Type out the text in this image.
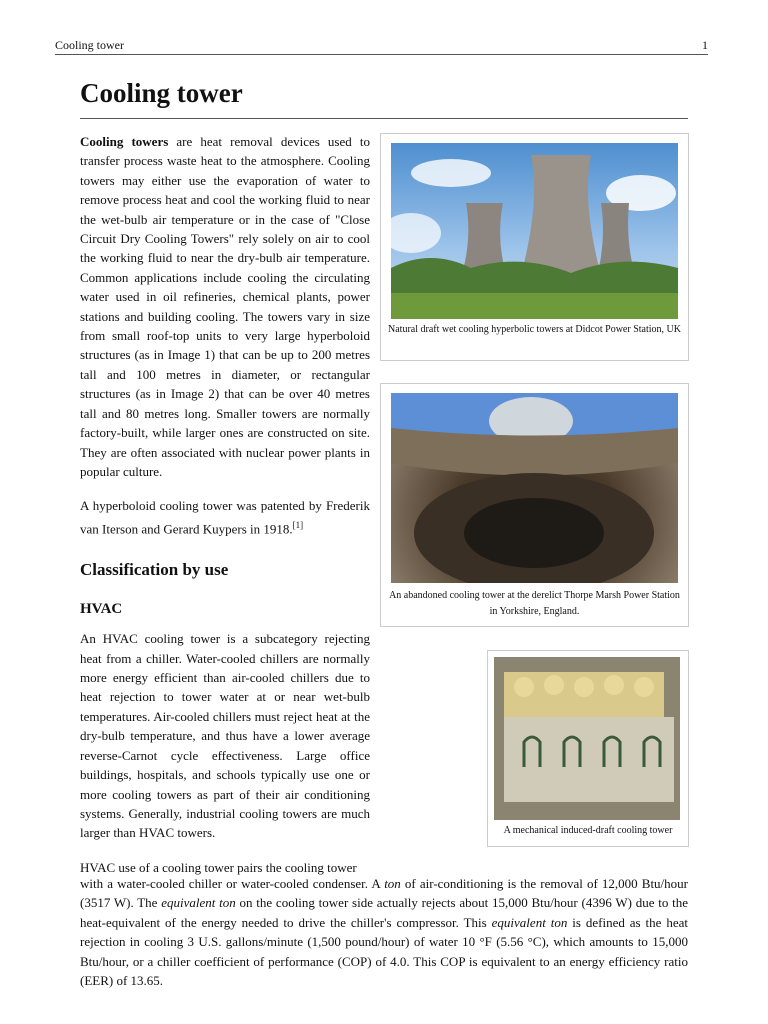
Cooling tower	1
Cooling tower

Cooling towers are heat removal devices used to transfer process waste heat to the atmosphere. Cooling towers may either use the evaporation of water to remove process heat and cool the working fluid to near the wet-bulb air temperature or in the case of "Close Circuit Dry Cooling Towers" rely solely on air to cool the working fluid to near the dry-bulb air temperature. Common applications include cooling the circulating water used in oil refineries, chemical plants, power stations and building cooling. The towers vary in size from small roof-top units to very large hyperboloid structures (as in Image 1) that can be up to 200 metres tall and 100 metres in diameter, or rectangular structures (as in Image 2) that can be over 40 metres tall and 80 metres long. Smaller towers are normally factory-built, while larger ones are constructed on site. They are often associated with nuclear power plants in popular culture.

A hyperboloid cooling tower was patented by Frederik van Iterson and Gerard Kuypers in 1918.[1]

Classification by use
HVAC

An HVAC cooling tower is a subcategory rejecting heat from a chiller. Water-cooled chillers are normally more energy efficient than air-cooled chillers due to heat rejection to tower water at or near wet-bulb temperatures. Air-cooled chillers must reject heat at the dry-bulb temperature, and thus have a lower average reverse-Carnot cycle effectiveness. Large office buildings, hospitals, and schools typically use one or more cooling towers as part of their air conditioning systems. Generally, industrial cooling towers are much larger than HVAC towers.

HVAC use of a cooling tower pairs the cooling tower

with a water-cooled chiller or water-cooled condenser. A ton of air-conditioning is the removal of 12,000 Btu/hour (3517 W). The equivalent ton on the cooling tower side actually rejects about 15,000 Btu/hour (4396 W) due to the heat-equivalent of the energy needed to drive the chiller's compressor. This equivalent ton is defined as the heat rejection in cooling 3 U.S. gallons/minute (1,500 pound/hour) of water 10 °F (5.56 °C), which amounts to 15,000 Btu/hour, or a chiller coefficient of performance (COP) of 4.0. This COP is equivalent to an energy efficiency ratio (EER) of 13.65.
Natural draft wet cooling hyperbolic towers at Didcot Power Station, UK
An abandoned cooling tower at the derelict Thorpe Marsh Power Station in Yorkshire, England.
A mechanical induced-draft cooling tower
